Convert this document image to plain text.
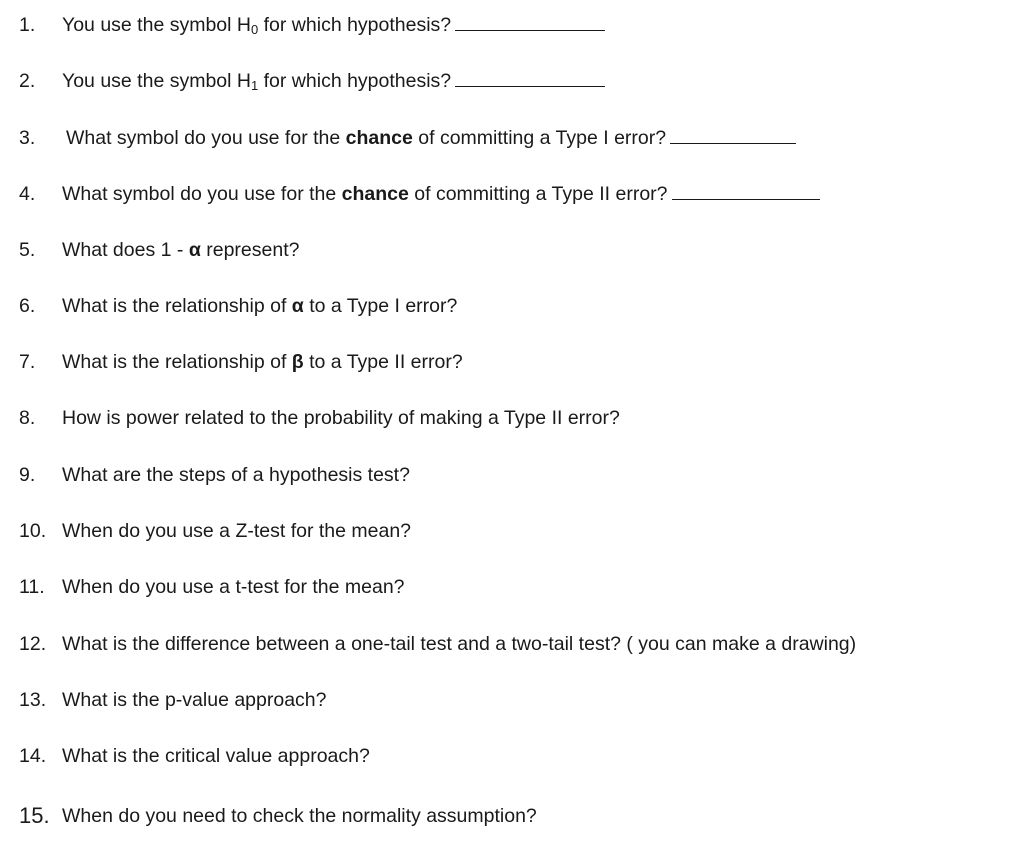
1. You use the symbol $H_0$ for which hypothesis?
2. You use the symbol $H_1$ for which hypothesis?
3. What symbol do you use for the chance of committing a Type I error?
4. What symbol do you use for the chance of committing a Type II error?
5. What does 1 - α represent?
6. What is the relationship of α to a Type I error?
7. What is the relationship of β to a Type II error?
8. How is power related to the probability of making a Type II error?
9. What are the steps of a hypothesis test?
10. When do you use a Z-test for the mean?
11. When do you use a t-test for the mean?
12. What is the difference between a one-tail test and a two-tail test? ( you can make a drawing)
13. What is the p-value approach?
14. What is the critical value approach?
15. When do you need to check the normality assumption?
